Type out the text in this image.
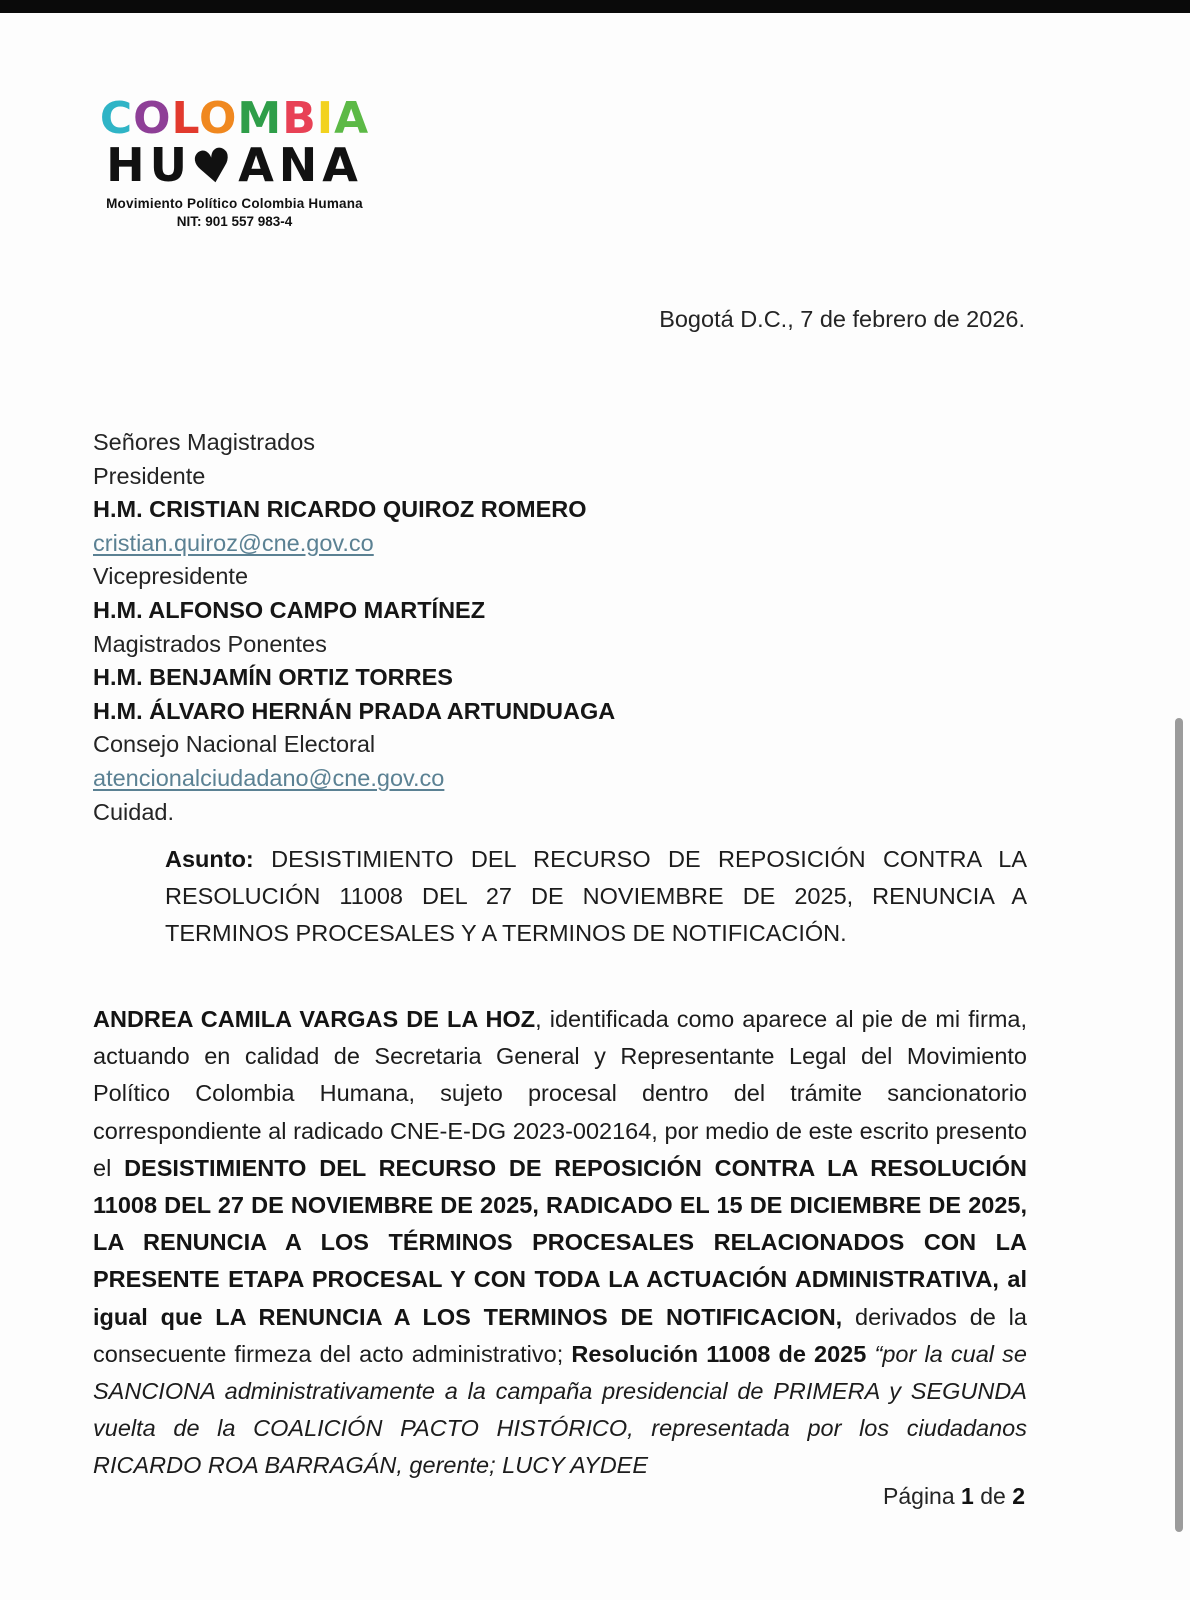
COLOMBIA
HU♥ANA
Movimiento Político Colombia Humana
NIT: 901 557 983-4
Bogotá D.C., 7 de febrero de 2026.
Señores Magistrados
Presidente
H.M. CRISTIAN RICARDO QUIROZ ROMERO
cristian.quiroz@cne.gov.co
Vicepresidente
H.M. ALFONSO CAMPO MARTÍNEZ
Magistrados Ponentes
H.M. BENJAMÍN ORTIZ TORRES
H.M. ÁLVARO HERNÁN PRADA ARTUNDUAGA
Consejo Nacional Electoral
atencionalciudadano@cne.gov.co
Cuidad.

Asunto: DESISTIMIENTO DEL RECURSO DE REPOSICIÓN CONTRA LA RESOLUCIÓN 11008 DEL 27 DE NOVIEMBRE DE 2025, RENUNCIA A TERMINOS PROCESALES Y A TERMINOS DE NOTIFICACIÓN.

ANDREA CAMILA VARGAS DE LA HOZ, identificada como aparece al pie de mi firma, actuando en calidad de Secretaria General y Representante Legal del Movimiento Político Colombia Humana, sujeto procesal dentro del trámite sancionatorio correspondiente al radicado CNE-E-DG 2023-002164, por medio de este escrito presento el DESISTIMIENTO DEL RECURSO DE REPOSICIÓN CONTRA LA RESOLUCIÓN 11008 DEL 27 DE NOVIEMBRE DE 2025, RADICADO EL 15 DE DICIEMBRE DE 2025, LA RENUNCIA A LOS TÉRMINOS PROCESALES RELACIONADOS CON LA PRESENTE ETAPA PROCESAL Y CON TODA LA ACTUACIÓN ADMINISTRATIVA, al igual que LA RENUNCIA A LOS TERMINOS DE NOTIFICACION, derivados de la consecuente firmeza del acto administrativo; Resolución 11008 de 2025 “por la cual se SANCIONA administrativamente a la campaña presidencial de PRIMERA y SEGUNDA vuelta de la COALICIÓN PACTO HISTÓRICO, representada por los ciudadanos RICARDO ROA BARRAGÁN, gerente; LUCY AYDEE

Página 1 de 2
